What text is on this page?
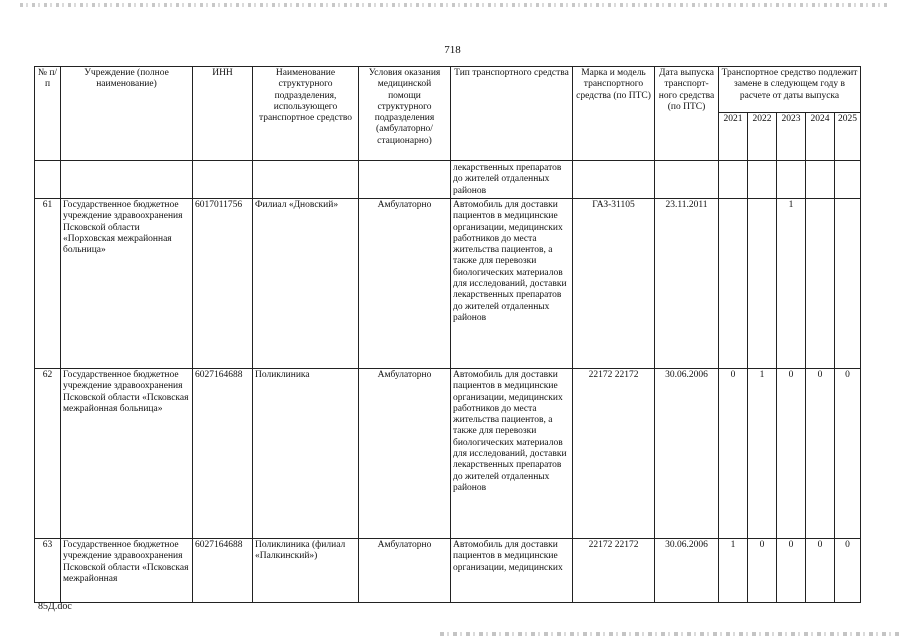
718
№ п/п	Учреждение (полное наименование)	ИНН	Наименование структурного подразделения, использующего транспортное средство	Условия оказания медицинской помощи структурного подразделения (амбулаторно/ стационарно)	Тип транспортного средства	Марка и модель транспортного средства (по ПТС)	Дата выпуска транспорт- ного средства (по ПТС)	Транспортное средство подлежит замене в следующем году в расчете от даты выпуска				
								2021	2022	2023	2024	2025
					лекарственных препаратов до жителей отдаленных районов							
61	Государственное бюджетное учреждение здравоохранения Псковской области «Порховская межрайонная больница»	6017011756	Филиал «Дновский»	Амбулаторно	Автомобиль для доставки пациентов в медицинские организации, медицинских работников до места жительства пациентов, а также для перевозки биологических материалов для исследований, доставки лекарственных препаратов до жителей отдаленных районов	ГАЗ-31105	23.11.2011			1		
62	Государственное бюджетное учреждение здравоохранения Псковской области «Псковская межрайонная больница»	6027164688	Поликлиника	Амбулаторно	Автомобиль для доставки пациентов в медицинские организации, медицинских работников до места жительства пациентов, а также для перевозки биологических материалов для исследований, доставки лекарственных препаратов до жителей отдаленных районов	22172 22172	30.06.2006	0	1	0	0	0
63	Государственное бюджетное учреждение здравоохранения Псковской области «Псковская межрайонная	6027164688	Поликлиника (филиал «Палкинский»)	Амбулаторно	Автомобиль для доставки пациентов в медицинские организации, медицинских	22172 22172	30.06.2006	1	0	0	0	0
85Д.doc
